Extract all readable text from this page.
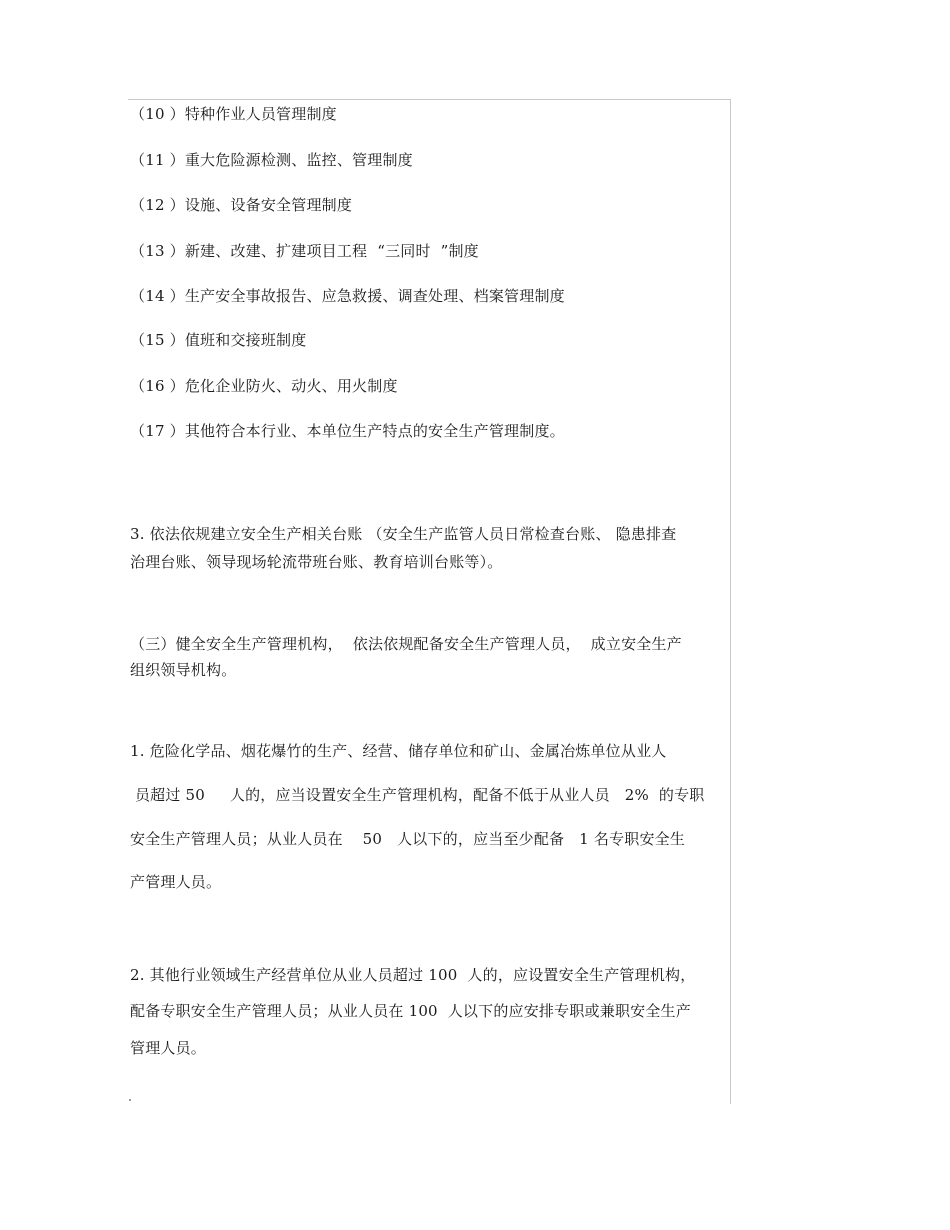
（10 ）特种作业人员管理制度
（11 ）重大危险源检测、监控、管理制度
（12 ）设施、设备安全管理制度
（13 ）新建、改建、扩建项目工程  “三同时  ”制度
（14 ）生产安全事故报告、应急救援、调查处理、档案管理制度
（15 ）值班和交接班制度
（16 ）危化企业防火、动火、用火制度
（17 ）其他符合本行业、本单位生产特点的安全生产管理制度。
3. 依法依规建立安全生产相关台账 （安全生产监管人员日常检查台账、 隐患排查
治理台账、领导现场轮流带班台账、教育培训台账等）。
（三）健全安全生产管理机构，  依法依规配备安全生产管理人员，  成立安全生产
组织领导机构。
1. 危险化学品、烟花爆竹的生产、经营、储存单位和矿山、金属冶炼单位从业人
员超过 50     人的，应当设置安全生产管理机构，配备不低于从业人员   2%  的专职
安全生产管理人员；从业人员在    50   人以下的，应当至少配备   1 名专职安全生
产管理人员。
2. 其他行业领域生产经营单位从业人员超过 100  人的，应设置安全生产管理机构，
配备专职安全生产管理人员；从业人员在 100  人以下的应安排专职或兼职安全生产
管理人员。
